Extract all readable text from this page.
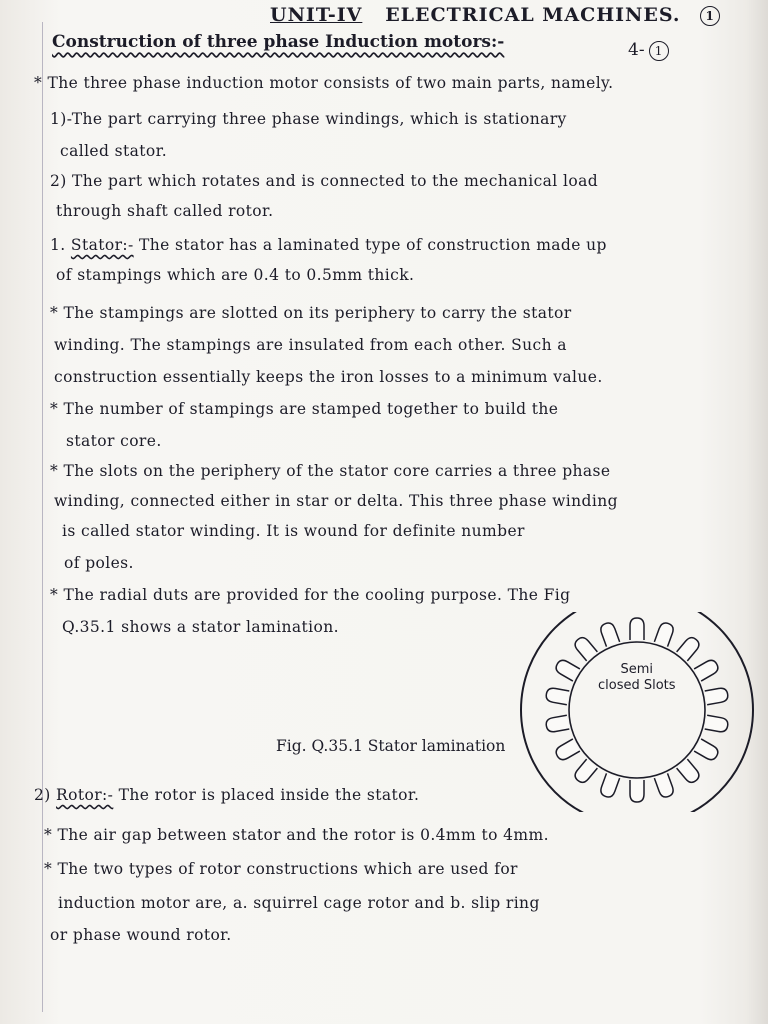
UNIT-IV ELECTRICAL MACHINES. 1
Construction of three phase Induction motors:-	4- 1
* The three phase induction motor consists of two main parts, namely.
1)-The part carrying three phase windings, which is stationary
called stator.
2) The part which rotates and is connected to the mechanical load
through shaft called rotor.
1. Stator:- The stator has a laminated type of construction made up
of stampings which are 0.4 to 0.5mm thick.
* The stampings are slotted on its periphery to carry the stator
winding. The stampings are insulated from each other. Such a
construction essentially keeps the iron losses to a minimum value.
* The number of stampings are stamped together to build the
stator core.
* The slots on the periphery of the stator core carries a three phase
winding, connected either in star or delta. This three phase winding
is called stator winding. It is wound for definite number
of poles.
* The radial duts are provided for the cooling purpose. The Fig
Q.35.1 shows a stator lamination.
Semi
closed Slots
Fig. Q.35.1 Stator lamination
2) Rotor:- The rotor is placed inside the stator.
* The air gap between stator and the rotor is 0.4mm to 4mm.
* The two types of rotor constructions which are used for
induction motor are, a. squirrel cage rotor and b. slip ring
or phase wound rotor.
